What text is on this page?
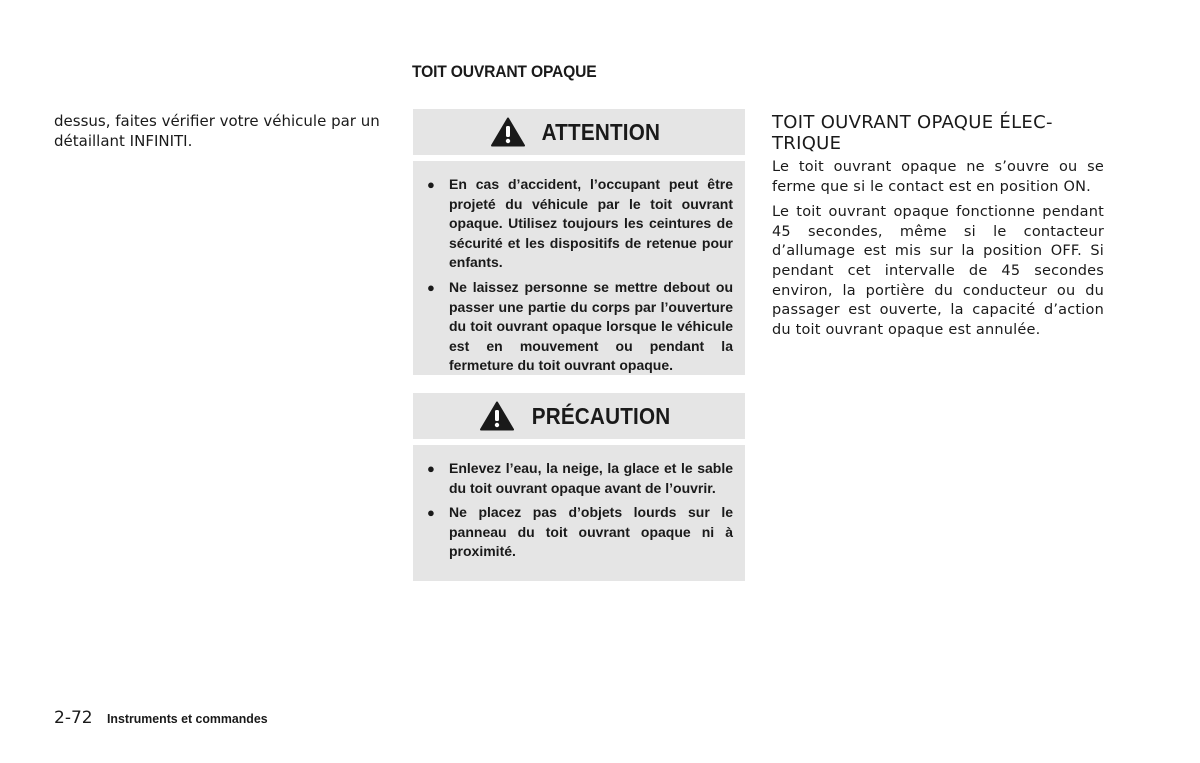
TOIT OUVRANT OPAQUE

dessus, faites vérifier votre véhicule par un détaillant INFINITI.	ATTENTION
● En cas d’accident, l’occupant peut être projeté du véhicule par le toit ouvrant opaque. Utilisez toujours les ceintures de sécurité et les dispositifs de retenue pour enfants.
● Ne laissez personne se mettre debout ou passer une partie du corps par l’ouverture du toit ouvrant opaque lorsque le véhicule est en mouvement ou pendant la fermeture du toit ouvrant opaque.
PRÉCAUTION
● Enlevez l’eau, la neige, la glace et le sable du toit ouvrant opaque avant de l’ouvrir.
● Ne placez pas d’objets lourds sur le panneau du toit ouvrant opaque ni à proximité.
TOIT OUVRANT OPAQUE ÉLEC- TRIQUE

Le toit ouvrant opaque ne s’ouvre ou se ferme que si le contact est en position ON.

Le toit ouvrant opaque fonctionne pendant 45 secondes, même si le contacteur d’allumage est mis sur la position OFF. Si pendant cet intervalle de 45 secondes environ, la portière du conducteur ou du passager est ouverte, la capacité d’action du toit ouvrant opaque est annulée.

2-72 Instruments et commandes
